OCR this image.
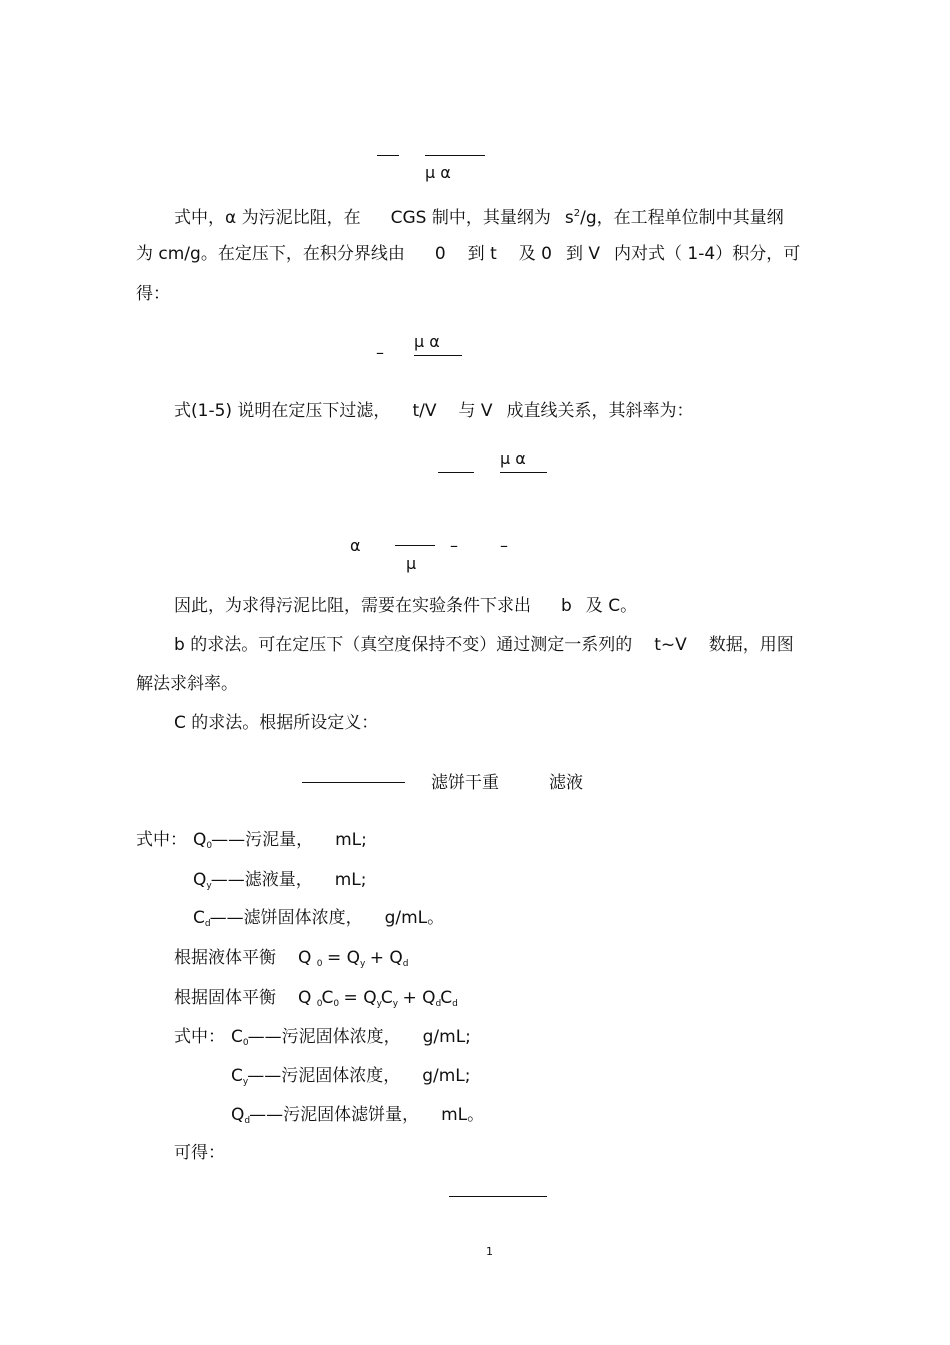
μ α
式中，α 为污泥比阻，在 CGS 制中，其量纲为 $s^2/g$，在工程单位制中其量纲
为 cm/g。在定压下，在积分界线由 0 到 t 及 0 到 V 内对式（ 1-4）积分，可
得：
–
μ α
式(1-5) 说明在定压下过滤， t/V 与 V 成直线关系，其斜率为：
μ α
α	–	–
μ
因此，为求得污泥比阻，需要在实验条件下求出 b 及 C。
b 的求法。可在定压下（真空度保持不变）通过测定一系列的 t~V 数据，用图
解法求斜率。
C 的求法。根据所设定义：
滤饼干重	滤液
式中： $Q_0——$污泥量， mL;
$Q_y——$滤液量， mL;
$C_d——$滤饼固体浓度， g/mL。
根据液体平衡 Q $_0 = Q_y + Q_d$
根据固体平衡 Q $_0C_0 = Q_yC_y + Q_dC_d$
式中： $C_0——$污泥固体浓度， g/mL;
$C_y——$污泥固体浓度， g/mL;
$Q_d——$污泥固体滤饼量， mL。
可得：
1
